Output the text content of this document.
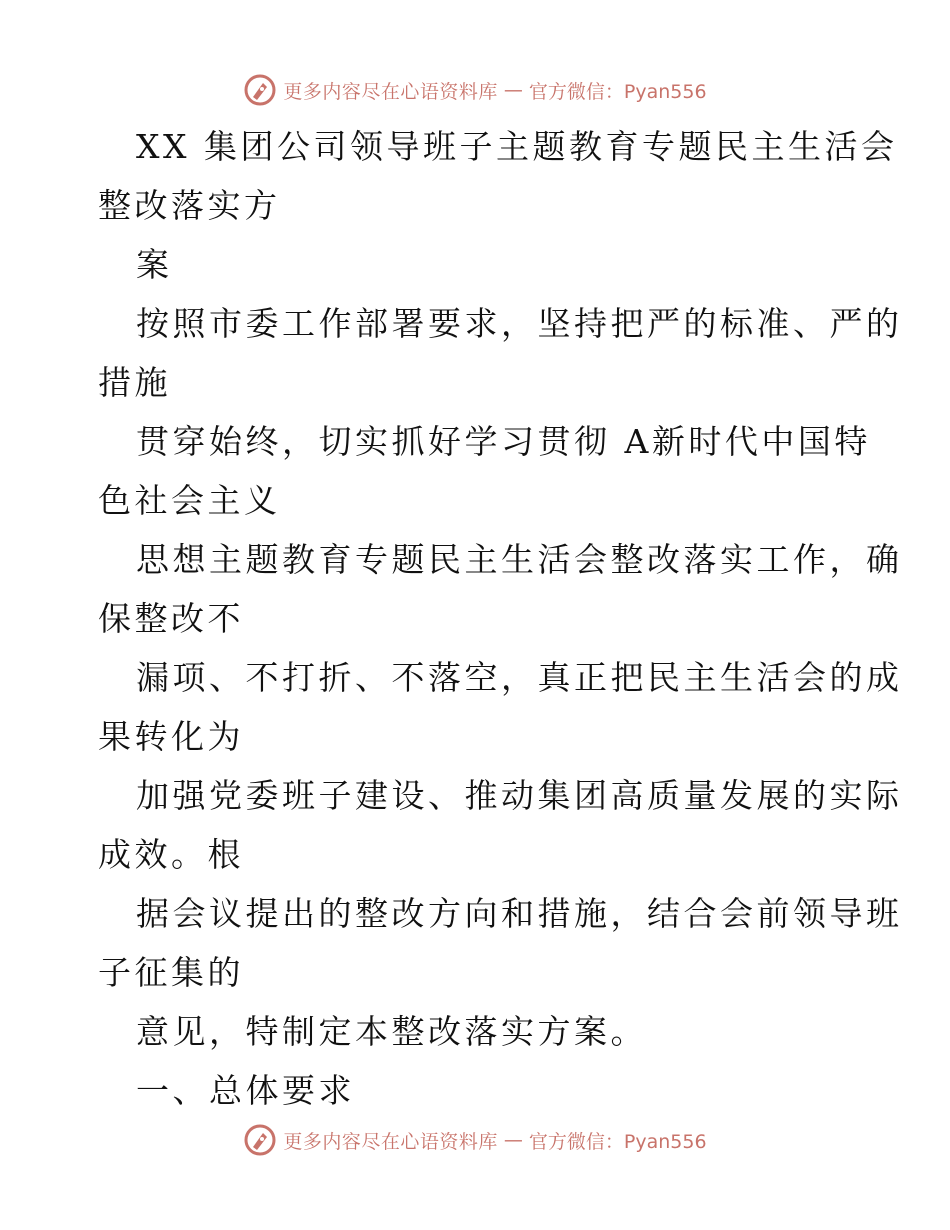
更多内容尽在心语资料库 — 官方微信：Pyan556
XX 集团公司领导班子主题教育专题民主生活会
整改落实方
案
按照市委工作部署要求，坚持把严的标准、严的
措施
贯穿始终，切实抓好学习贯彻 A新时代中国特
色社会主义
思想主题教育专题民主生活会整改落实工作，确
保整改不
漏项、不打折、不落空，真正把民主生活会的成
果转化为
加强党委班子建设、推动集团高质量发展的实际
成效。根
据会议提出的整改方向和措施，结合会前领导班
子征集的
意见，特制定本整改落实方案。
一、总体要求
更多内容尽在心语资料库 — 官方微信：Pyan556
